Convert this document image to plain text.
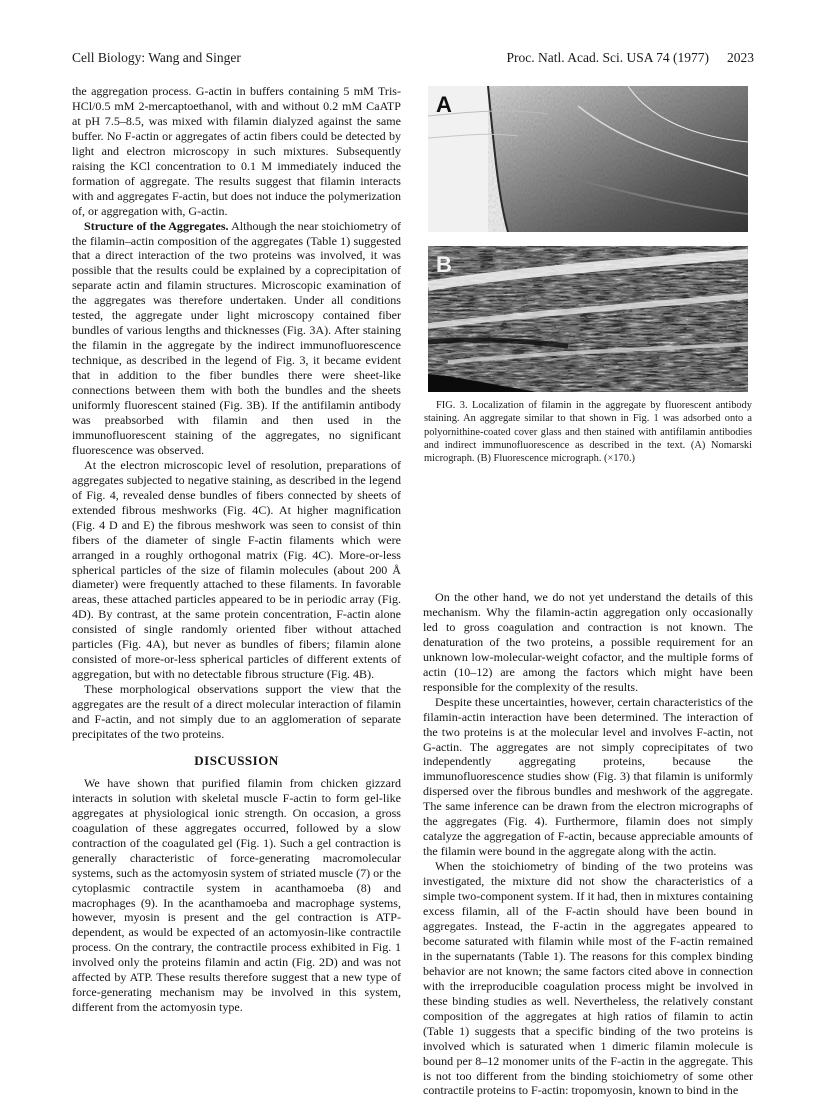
Cell Biology: Wang and Singer	Proc. Natl. Acad. Sci. USA 74 (1977) 2023

the aggregation process. G-actin in buffers containing 5 mM Tris-HCl/0.5 mM 2-mercaptoethanol, with and without 0.2 mM CaATP at pH 7.5–8.5, was mixed with filamin dialyzed against the same buffer. No F-actin or aggregates of actin fibers could be detected by light and electron microscopy in such mixtures. Subsequently raising the KCl concentration to 0.1 M immediately induced the formation of aggregate. The results suggest that filamin interacts with and aggregates F-actin, but does not induce the polymerization of, or aggregation with, G-actin.

Structure of the Aggregates. Although the near stoichiometry of the filamin–actin composition of the aggregates (Table 1) suggested that a direct interaction of the two proteins was involved, it was possible that the results could be explained by a coprecipitation of separate actin and filamin structures. Microscopic examination of the aggregates was therefore undertaken. Under all conditions tested, the aggregate under light microscopy contained fiber bundles of various lengths and thicknesses (Fig. 3A). After staining the filamin in the aggregate by the indirect immunofluorescence technique, as described in the legend of Fig. 3, it became evident that in addition to the fiber bundles there were sheet-like connections between them with both the bundles and the sheets uniformly fluorescent stained (Fig. 3B). If the antifilamin antibody was preabsorbed with filamin and then used in the immunofluorescent staining of the aggregates, no significant fluorescence was observed.

At the electron microscopic level of resolution, preparations of aggregates subjected to negative staining, as described in the legend of Fig. 4, revealed dense bundles of fibers connected by sheets of extended fibrous meshworks (Fig. 4C). At higher magnification (Fig. 4 D and E) the fibrous meshwork was seen to consist of thin fibers of the diameter of single F-actin filaments which were arranged in a roughly orthogonal matrix (Fig. 4C). More-or-less spherical particles of the size of filamin molecules (about 200 Å diameter) were frequently attached to these filaments. In favorable areas, these attached particles appeared to be in periodic array (Fig. 4D). By contrast, at the same protein concentration, F-actin alone consisted of single randomly oriented fiber without attached particles (Fig. 4A), but never as bundles of fibers; filamin alone consisted of more-or-less spherical particles of different extents of aggregation, but with no detectable fibrous structure (Fig. 4B).

These morphological observations support the view that the aggregates are the result of a direct molecular interaction of filamin and F-actin, and not simply due to an agglomeration of separate precipitates of the two proteins.

DISCUSSION

We have shown that purified filamin from chicken gizzard interacts in solution with skeletal muscle F-actin to form gel-like aggregates at physiological ionic strength. On occasion, a gross coagulation of these aggregates occurred, followed by a slow contraction of the coagulated gel (Fig. 1). Such a gel contraction is generally characteristic of force-generating macromolecular systems, such as the actomyosin system of striated muscle (7) or the cytoplasmic contractile system in acanthamoeba (8) and macrophages (9). In the acanthamoeba and macrophage systems, however, myosin is present and the gel contraction is ATP-dependent, as would be expected of an actomyosin-like contractile process. On the contrary, the contractile process exhibited in Fig. 1 involved only the proteins filamin and actin (Fig. 2D) and was not affected by ATP. These results therefore suggest that a new type of force-generating mechanism may be involved in this system, different from the actomyosin type.

A
B

FIG. 3. Localization of filamin in the aggregate by fluorescent antibody staining. An aggregate similar to that shown in Fig. 1 was adsorbed onto a polyornithine-coated cover glass and then stained with antifilamin antibodies and indirect immunofluorescence as described in the text. (A) Nomarski micrograph. (B) Fluorescence micrograph. (×170.)

On the other hand, we do not yet understand the details of this mechanism. Why the filamin-actin aggregation only occasionally led to gross coagulation and contraction is not known. The denaturation of the two proteins, a possible requirement for an unknown low-molecular-weight cofactor, and the multiple forms of actin (10–12) are among the factors which might have been responsible for the complexity of the results.

Despite these uncertainties, however, certain characteristics of the filamin-actin interaction have been determined. The interaction of the two proteins is at the molecular level and involves F-actin, not G-actin. The aggregates are not simply coprecipitates of two independently aggregating proteins, because the immunofluorescence studies show (Fig. 3) that filamin is uniformly dispersed over the fibrous bundles and meshwork of the aggregate. The same inference can be drawn from the electron micrographs of the aggregates (Fig. 4). Furthermore, filamin does not simply catalyze the aggregation of F-actin, because appreciable amounts of the filamin were bound in the aggregate along with the actin.

When the stoichiometry of binding of the two proteins was investigated, the mixture did not show the characteristics of a simple two-component system. If it had, then in mixtures containing excess filamin, all of the F-actin should have been bound in aggregates. Instead, the F-actin in the aggregates appeared to become saturated with filamin while most of the F-actin remained in the supernatants (Table 1). The reasons for this complex binding behavior are not known; the same factors cited above in connection with the irreproducible coagulation process might be involved in these binding studies as well. Nevertheless, the relatively constant composition of the aggregates at high ratios of filamin to actin (Table 1) suggests that a specific binding of the two proteins is involved which is saturated when 1 dimeric filamin molecule is bound per 8–12 monomer units of the F-actin in the aggregate. This is not too different from the binding stoichiometry of some other contractile proteins to F-actin: tropomyosin, known to bind in the
